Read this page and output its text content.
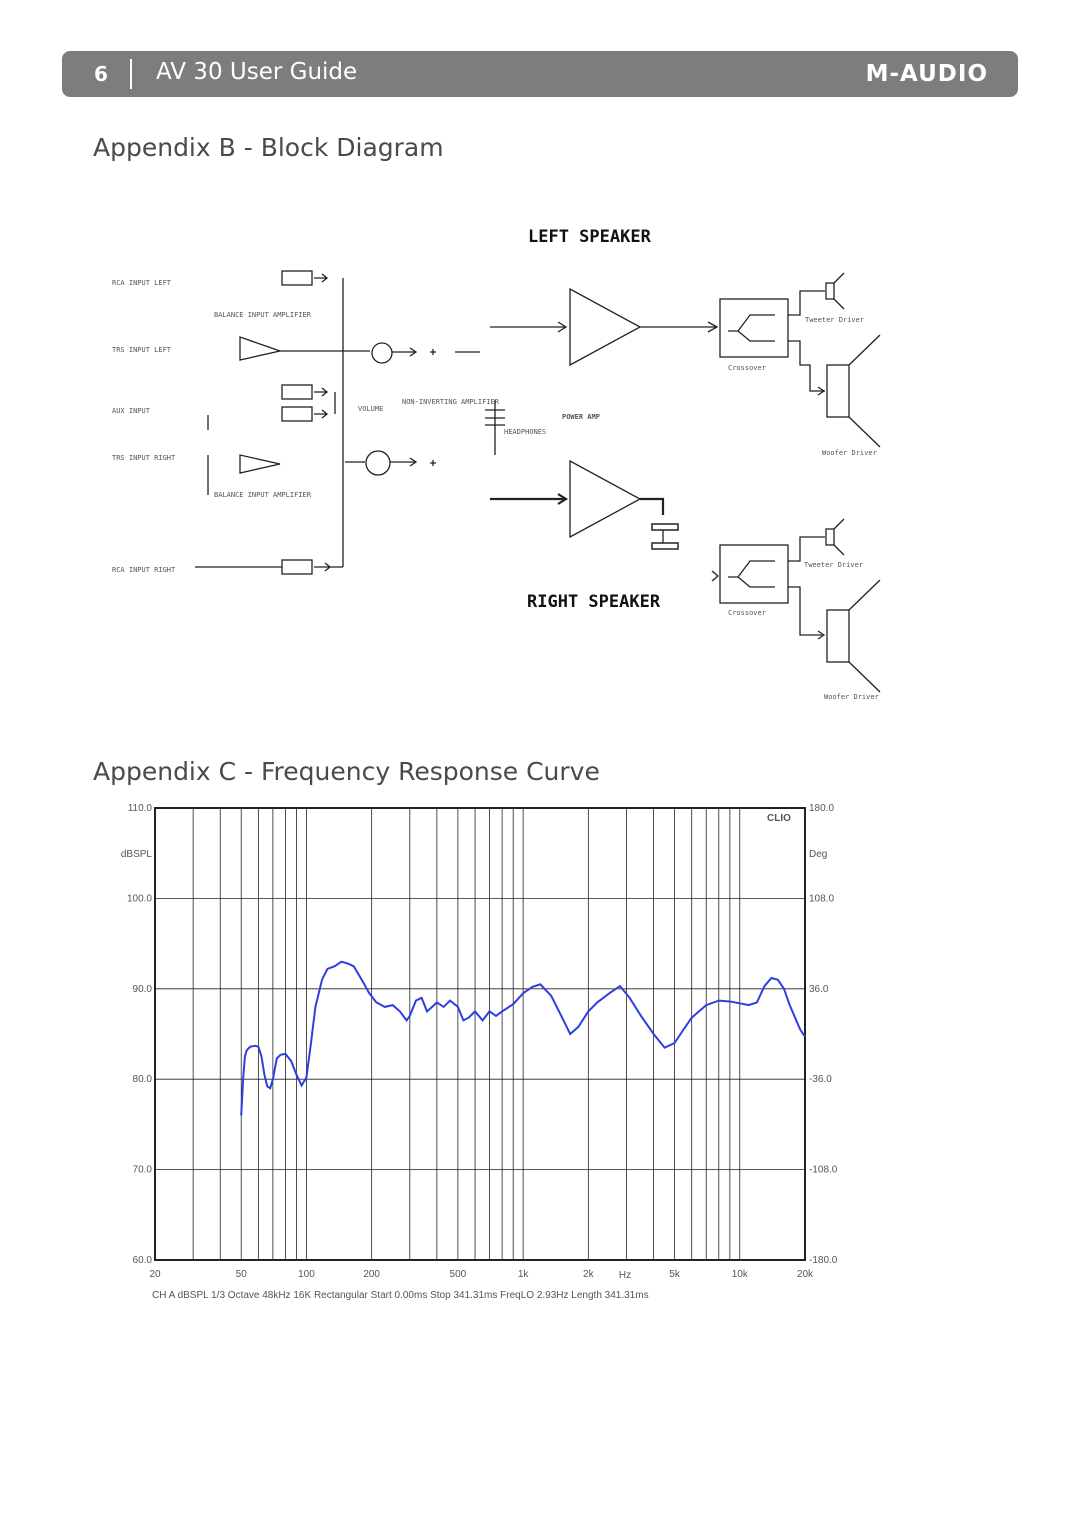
6 AV 30 User Guide	M-AUDIO
Appendix B - Block Diagram
LEFT SPEAKER
RIGHT SPEAKER
POWER AMP
NON-INVERTING AMPLIFIER
BALANCE INPUT AMPLIFIER
BALANCE INPUT AMPLIFIER
VOLUME
HEADPHONES
RCA INPUT LEFT
TRS INPUT LEFT
AUX INPUT
TRS INPUT RIGHT
RCA INPUT RIGHT
Crossover
Crossover
Tweeter Driver
Woofer Driver
Tweeter Driver
Woofer Driver
Appendix C - Frequency Response Curve
110.0
100.0
90.0
80.0
70.0
60.0
180.0
108.0
36.0
-36.0
-108.0
-180.0
20	50	100	200	500	1k	2k	5k	10k	20k
dBSPL	Deg
CLIO
Hz
CH A dBSPL 1/3 Octave 48kHz 16K Rectangular Start 0.00ms Stop 341.31ms FreqLO 2.93Hz Length 341.31ms
